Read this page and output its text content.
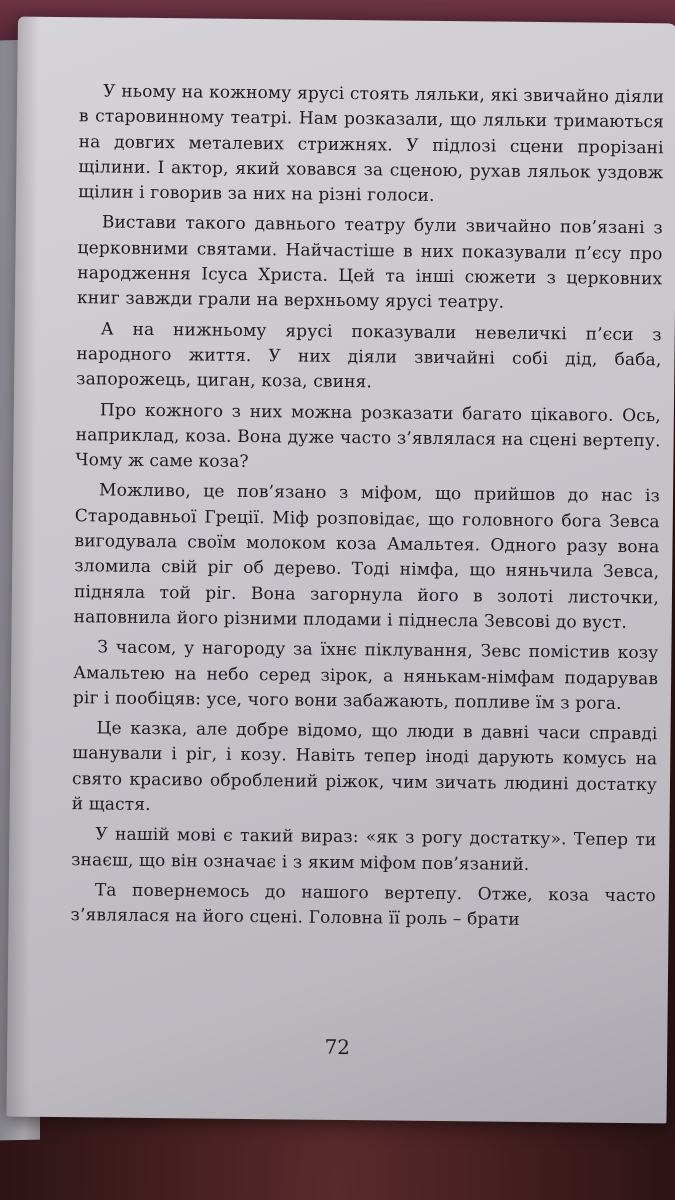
У ньому на кожному ярусі стоять ляльки, які звичайно діяли в старовинному театрі. Нам розказали, що ляльки тримаються на довгих металевих стрижнях. У підлозі сцени прорізані щілини. І актор, який ховався за сценою, рухав ляльок уздовж щілин і говорив за них на різні голоси.

Вистави такого давнього театру були звичайно пов’язані з церковними святами. Найчастіше в них показували п’єсу про народження Ісуса Христа. Цей та інші сюжети з церковних книг завжди грали на верхньому ярусі театру.

А на нижньому ярусі показували невеличкі п’єси з народного життя. У них діяли звичайні собі дід, баба, запорожець, циган, коза, свиня.

Про кожного з них можна розказати багато цікавого. Ось, наприклад, коза. Вона дуже часто з’являлася на сцені вертепу. Чому ж саме коза?

Можливо, це пов’язано з міфом, що прийшов до нас із Стародавньої Греції. Міф розповідає, що головного бога Зевса вигодувала своїм молоком коза Амальтея. Одного разу вона зломила свій ріг об дерево. Тоді німфа, що няньчила Зевса, підняла той ріг. Вона загорнула його в золоті листочки, наповнила його різними плодами і піднесла Зевсові до вуст.

З часом, у нагороду за їхнє піклування, Зевс помістив козу Амальтею на небо серед зірок, а нянькам-німфам подарував ріг і пообіцяв: усе, чого вони забажають, попливе їм з рога.

Це казка, але добре відомо, що люди в давні часи справді шанували і ріг, і козу. Навіть тепер іноді дарують комусь на свято красиво оброблений ріжок, чим зичать людині достатку й щастя.

У нашій мові є такий вираз: «як з рогу достатку». Тепер ти знаєш, що він означає і з яким міфом пов’язаний.

Та повернемось до нашого вертепу. Отже, коза часто з’являлася на його сцені. Головна її роль – брати

72
